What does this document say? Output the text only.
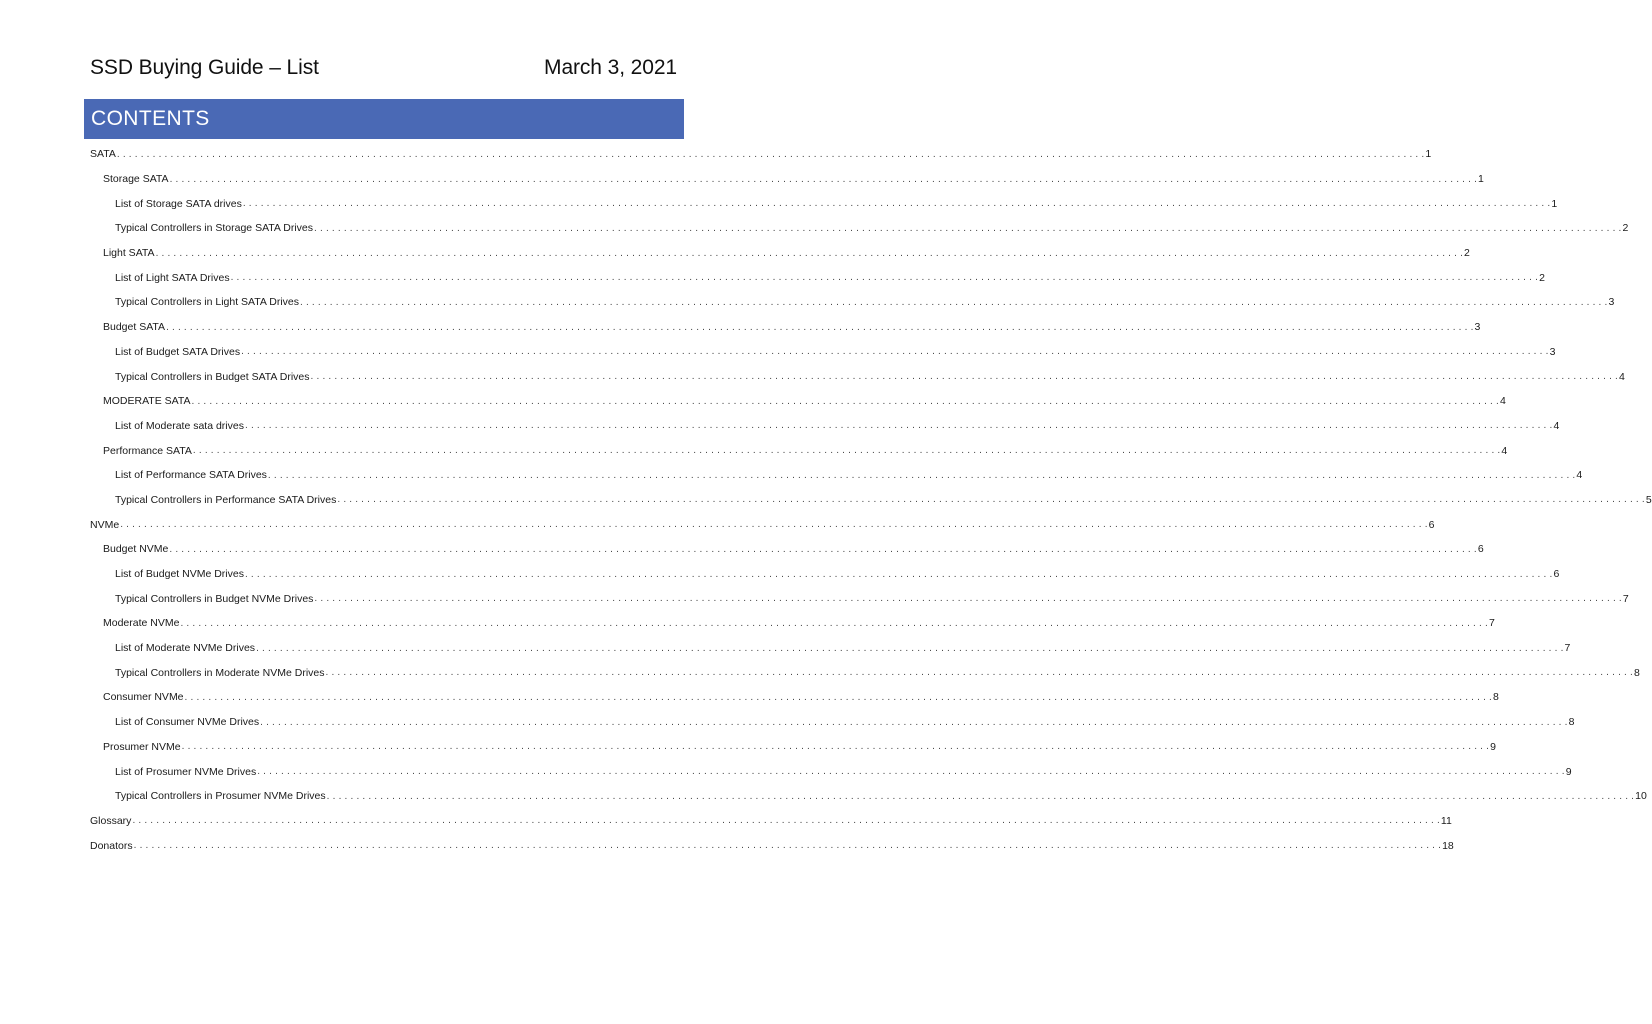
SSD Buying Guide – List	March 3, 2021
CONTENTS
SATA . . . . . . . . . . . . . . . . . . . . . . . . . . . . . . . . . . . . . . . . . . . . . . . . . . . . . . . . . . . . . . . . . . . . . . . . . . . . . . . . . . . . . . . . . . . . . . . . . . . . . . . . . . . . . . . . . . . . . . . . . . . . . . . . . . . . . . . . . . . . . . . . . . . . . . . . . . . . . . . . . . . . . . . . . . . . . . . . . . . . . . . . . . . . . . . . . . . . . . . . . . . . . . . . . . . . . . . . . . . . 1
Storage SATA . . . . . . . . . . . . . . . . . . . . . . . . . . . . . . . . . . . . . . . . . . . . . . . . . . . . . . . . . . . . . . . . . . . . . . . . . . . . . . . . . . . . . . . . . . . . . . . . . . . . . . . . . . . . . . . . . . . . . . . . . . . . . . . . . . . . . . . . . . . . . . . . . . . . . . . . . . . . . . . . . . . . . . . . . . . . . . . . . . . . . . . . . . . . . . . . . . . . . . . . . . . . . . . . . . . . . . . . . . . . 1
List of Storage SATA drives . . . . . . . . . . . . . . . . . . . . . . . . . . . . . . . . . . . . . . . . . . . . . . . . . . . . . . . . . . . . . . . . . . . . . . . . . . . . . . . . . . . . . . . . . . . . . . . . . . . . . . . . . . . . . . . . . . . . . . . . . . . . . . . . . . . . . . . . . . . . . . . . . . . . . . . . . . . . . . . . . . . . . . . . . . . . . . . . . . . . . . . . . . . . . . . . . . . . . . . . . . . . . . . . . . . . . . . . . . . . 1
Typical Controllers in Storage SATA Drives . . . . . . . . . . . . . . . . . . . . . . . . . . . . . . . . . . . . . . . . . . . . . . . . . . . . . . . . . . . . . . . . . . . . . . . . . . . . . . . . . . . . . . . . . . . . . . . . . . . . . . . . . . . . . . . . . . . . . . . . . . . . . . . . . . . . . . . . . . . . . . . . . . . . . . . . . . . . . . . . . . . . . . . . . . . . . . . . . . . . . . . . . . . . . . . . . . . . . . . . . . . . . . . . . . . . . . . . . . . . 2
Light SATA . . . . . . . . . . . . . . . . . . . . . . . . . . . . . . . . . . . . . . . . . . . . . . . . . . . . . . . . . . . . . . . . . . . . . . . . . . . . . . . . . . . . . . . . . . . . . . . . . . . . . . . . . . . . . . . . . . . . . . . . . . . . . . . . . . . . . . . . . . . . . . . . . . . . . . . . . . . . . . . . . . . . . . . . . . . . . . . . . . . . . . . . . . . . . . . . . . . . . . . . . . . . . . . . . . . . . . . . . . . . 2
List of Light SATA Drives . . . . . . . . . . . . . . . . . . . . . . . . . . . . . . . . . . . . . . . . . . . . . . . . . . . . . . . . . . . . . . . . . . . . . . . . . . . . . . . . . . . . . . . . . . . . . . . . . . . . . . . . . . . . . . . . . . . . . . . . . . . . . . . . . . . . . . . . . . . . . . . . . . . . . . . . . . . . . . . . . . . . . . . . . . . . . . . . . . . . . . . . . . . . . . . . . . . . . . . . . . . . . . . . . . . . . . . . . . . . 2
Typical Controllers in Light SATA Drives . . . . . . . . . . . . . . . . . . . . . . . . . . . . . . . . . . . . . . . . . . . . . . . . . . . . . . . . . . . . . . . . . . . . . . . . . . . . . . . . . . . . . . . . . . . . . . . . . . . . . . . . . . . . . . . . . . . . . . . . . . . . . . . . . . . . . . . . . . . . . . . . . . . . . . . . . . . . . . . . . . . . . . . . . . . . . . . . . . . . . . . . . . . . . . . . . . . . . . . . . . . . . . . . . . . . . . . . . . . . 3
Budget SATA . . . . . . . . . . . . . . . . . . . . . . . . . . . . . . . . . . . . . . . . . . . . . . . . . . . . . . . . . . . . . . . . . . . . . . . . . . . . . . . . . . . . . . . . . . . . . . . . . . . . . . . . . . . . . . . . . . . . . . . . . . . . . . . . . . . . . . . . . . . . . . . . . . . . . . . . . . . . . . . . . . . . . . . . . . . . . . . . . . . . . . . . . . . . . . . . . . . . . . . . . . . . . . . . . . . . . . . . . . . . 3
List of Budget SATA Drives . . . . . . . . . . . . . . . . . . . . . . . . . . . . . . . . . . . . . . . . . . . . . . . . . . . . . . . . . . . . . . . . . . . . . . . . . . . . . . . . . . . . . . . . . . . . . . . . . . . . . . . . . . . . . . . . . . . . . . . . . . . . . . . . . . . . . . . . . . . . . . . . . . . . . . . . . . . . . . . . . . . . . . . . . . . . . . . . . . . . . . . . . . . . . . . . . . . . . . . . . . . . . . . . . . . . . . . . . . . . 3
Typical Controllers in Budget SATA Drives . . . . . . . . . . . . . . . . . . . . . . . . . . . . . . . . . . . . . . . . . . . . . . . . . . . . . . . . . . . . . . . . . . . . . . . . . . . . . . . . . . . . . . . . . . . . . . . . . . . . . . . . . . . . . . . . . . . . . . . . . . . . . . . . . . . . . . . . . . . . . . . . . . . . . . . . . . . . . . . . . . . . . . . . . . . . . . . . . . . . . . . . . . . . . . . . . . . . . . . . . . . . . . . . . . . . . . . . . . . . 4
MODERATE SATA . . . . . . . . . . . . . . . . . . . . . . . . . . . . . . . . . . . . . . . . . . . . . . . . . . . . . . . . . . . . . . . . . . . . . . . . . . . . . . . . . . . . . . . . . . . . . . . . . . . . . . . . . . . . . . . . . . . . . . . . . . . . . . . . . . . . . . . . . . . . . . . . . . . . . . . . . . . . . . . . . . . . . . . . . . . . . . . . . . . . . . . . . . . . . . . . . . . . . . . . . . . . . . . . . . . . . . . . . . . . 4
List of Moderate sata drives . . . . . . . . . . . . . . . . . . . . . . . . . . . . . . . . . . . . . . . . . . . . . . . . . . . . . . . . . . . . . . . . . . . . . . . . . . . . . . . . . . . . . . . . . . . . . . . . . . . . . . . . . . . . . . . . . . . . . . . . . . . . . . . . . . . . . . . . . . . . . . . . . . . . . . . . . . . . . . . . . . . . . . . . . . . . . . . . . . . . . . . . . . . . . . . . . . . . . . . . . . . . . . . . . . . . . . . . . . . . 4
Performance SATA . . . . . . . . . . . . . . . . . . . . . . . . . . . . . . . . . . . . . . . . . . . . . . . . . . . . . . . . . . . . . . . . . . . . . . . . . . . . . . . . . . . . . . . . . . . . . . . . . . . . . . . . . . . . . . . . . . . . . . . . . . . . . . . . . . . . . . . . . . . . . . . . . . . . . . . . . . . . . . . . . . . . . . . . . . . . . . . . . . . . . . . . . . . . . . . . . . . . . . . . . . . . . . . . . . . . . . . . . . . . 4
List of Performance SATA Drives . . . . . . . . . . . . . . . . . . . . . . . . . . . . . . . . . . . . . . . . . . . . . . . . . . . . . . . . . . . . . . . . . . . . . . . . . . . . . . . . . . . . . . . . . . . . . . . . . . . . . . . . . . . . . . . . . . . . . . . . . . . . . . . . . . . . . . . . . . . . . . . . . . . . . . . . . . . . . . . . . . . . . . . . . . . . . . . . . . . . . . . . . . . . . . . . . . . . . . . . . . . . . . . . . . . . . . . . . . . . 4
Typical Controllers in Performance SATA Drives . . . . . . . . . . . . . . . . . . . . . . . . . . . . . . . . . . . . . . . . . . . . . . . . . . . . . . . . . . . . . . . . . . . . . . . . . . . . . . . . . . . . . . . . . . . . . . . . . . . . . . . . . . . . . . . . . . . . . . . . . . . . . . . . . . . . . . . . . . . . . . . . . . . . . . . . . . . . . . . . . . . . . . . . . . . . . . . . . . . . . . . . . . . . . . . . . . . . . . . . . . . . . . . . . . . . . . . . . . . . 5
NVMe . . . . . . . . . . . . . . . . . . . . . . . . . . . . . . . . . . . . . . . . . . . . . . . . . . . . . . . . . . . . . . . . . . . . . . . . . . . . . . . . . . . . . . . . . . . . . . . . . . . . . . . . . . . . . . . . . . . . . . . . . . . . . . . . . . . . . . . . . . . . . . . . . . . . . . . . . . . . . . . . . . . . . . . . . . . . . . . . . . . . . . . . . . . . . . . . . . . . . . . . . . . . . . . . . . . . . . . . . . . . 6
Budget NVMe . . . . . . . . . . . . . . . . . . . . . . . . . . . . . . . . . . . . . . . . . . . . . . . . . . . . . . . . . . . . . . . . . . . . . . . . . . . . . . . . . . . . . . . . . . . . . . . . . . . . . . . . . . . . . . . . . . . . . . . . . . . . . . . . . . . . . . . . . . . . . . . . . . . . . . . . . . . . . . . . . . . . . . . . . . . . . . . . . . . . . . . . . . . . . . . . . . . . . . . . . . . . . . . . . . . . . . . . . . . . 6
List of Budget NVMe Drives . . . . . . . . . . . . . . . . . . . . . . . . . . . . . . . . . . . . . . . . . . . . . . . . . . . . . . . . . . . . . . . . . . . . . . . . . . . . . . . . . . . . . . . . . . . . . . . . . . . . . . . . . . . . . . . . . . . . . . . . . . . . . . . . . . . . . . . . . . . . . . . . . . . . . . . . . . . . . . . . . . . . . . . . . . . . . . . . . . . . . . . . . . . . . . . . . . . . . . . . . . . . . . . . . . . . . . . . . . . . 6
Typical Controllers in Budget NVMe Drives . . . . . . . . . . . . . . . . . . . . . . . . . . . . . . . . . . . . . . . . . . . . . . . . . . . . . . . . . . . . . . . . . . . . . . . . . . . . . . . . . . . . . . . . . . . . . . . . . . . . . . . . . . . . . . . . . . . . . . . . . . . . . . . . . . . . . . . . . . . . . . . . . . . . . . . . . . . . . . . . . . . . . . . . . . . . . . . . . . . . . . . . . . . . . . . . . . . . . . . . . . . . . . . . . . . . . . . . . . . . 7
Moderate NVMe . . . . . . . . . . . . . . . . . . . . . . . . . . . . . . . . . . . . . . . . . . . . . . . . . . . . . . . . . . . . . . . . . . . . . . . . . . . . . . . . . . . . . . . . . . . . . . . . . . . . . . . . . . . . . . . . . . . . . . . . . . . . . . . . . . . . . . . . . . . . . . . . . . . . . . . . . . . . . . . . . . . . . . . . . . . . . . . . . . . . . . . . . . . . . . . . . . . . . . . . . . . . . . . . . . . . . . . . . . . . 7
List of Moderate NVMe Drives . . . . . . . . . . . . . . . . . . . . . . . . . . . . . . . . . . . . . . . . . . . . . . . . . . . . . . . . . . . . . . . . . . . . . . . . . . . . . . . . . . . . . . . . . . . . . . . . . . . . . . . . . . . . . . . . . . . . . . . . . . . . . . . . . . . . . . . . . . . . . . . . . . . . . . . . . . . . . . . . . . . . . . . . . . . . . . . . . . . . . . . . . . . . . . . . . . . . . . . . . . . . . . . . . . . . . . . . . . . . 7
Typical Controllers in Moderate NVMe Drives . . . . . . . . . . . . . . . . . . . . . . . . . . . . . . . . . . . . . . . . . . . . . . . . . . . . . . . . . . . . . . . . . . . . . . . . . . . . . . . . . . . . . . . . . . . . . . . . . . . . . . . . . . . . . . . . . . . . . . . . . . . . . . . . . . . . . . . . . . . . . . . . . . . . . . . . . . . . . . . . . . . . . . . . . . . . . . . . . . . . . . . . . . . . . . . . . . . . . . . . . . . . . . . . . . . . . . . . . . . . 8
Consumer NVMe . . . . . . . . . . . . . . . . . . . . . . . . . . . . . . . . . . . . . . . . . . . . . . . . . . . . . . . . . . . . . . . . . . . . . . . . . . . . . . . . . . . . . . . . . . . . . . . . . . . . . . . . . . . . . . . . . . . . . . . . . . . . . . . . . . . . . . . . . . . . . . . . . . . . . . . . . . . . . . . . . . . . . . . . . . . . . . . . . . . . . . . . . . . . . . . . . . . . . . . . . . . . . . . . . . . . . . . . . . . . 8
List of Consumer NVMe Drives . . . . . . . . . . . . . . . . . . . . . . . . . . . . . . . . . . . . . . . . . . . . . . . . . . . . . . . . . . . . . . . . . . . . . . . . . . . . . . . . . . . . . . . . . . . . . . . . . . . . . . . . . . . . . . . . . . . . . . . . . . . . . . . . . . . . . . . . . . . . . . . . . . . . . . . . . . . . . . . . . . . . . . . . . . . . . . . . . . . . . . . . . . . . . . . . . . . . . . . . . . . . . . . . . . . . . . . . . . . . 8
Prosumer NVMe . . . . . . . . . . . . . . . . . . . . . . . . . . . . . . . . . . . . . . . . . . . . . . . . . . . . . . . . . . . . . . . . . . . . . . . . . . . . . . . . . . . . . . . . . . . . . . . . . . . . . . . . . . . . . . . . . . . . . . . . . . . . . . . . . . . . . . . . . . . . . . . . . . . . . . . . . . . . . . . . . . . . . . . . . . . . . . . . . . . . . . . . . . . . . . . . . . . . . . . . . . . . . . . . . . . . . . . . . . . . 9
List of Prosumer NVMe Drives . . . . . . . . . . . . . . . . . . . . . . . . . . . . . . . . . . . . . . . . . . . . . . . . . . . . . . . . . . . . . . . . . . . . . . . . . . . . . . . . . . . . . . . . . . . . . . . . . . . . . . . . . . . . . . . . . . . . . . . . . . . . . . . . . . . . . . . . . . . . . . . . . . . . . . . . . . . . . . . . . . . . . . . . . . . . . . . . . . . . . . . . . . . . . . . . . . . . . . . . . . . . . . . . . . . . . . . . . . . . 9
Typical Controllers in Prosumer NVMe Drives . . . . . . . . . . . . . . . . . . . . . . . . . . . . . . . . . . . . . . . . . . . . . . . . . . . . . . . . . . . . . . . . . . . . . . . . . . . . . . . . . . . . . . . . . . . . . . . . . . . . . . . . . . . . . . . . . . . . . . . . . . . . . . . . . . . . . . . . . . . . . . . . . . . . . . . . . . . . . . . . . . . . . . . . . . . . . . . . . . . . . . . . . . . . . . . . . . . . . . . . . . . . . . . . . . . . . . . . . . . . 10
Glossary . . . . . . . . . . . . . . . . . . . . . . . . . . . . . . . . . . . . . . . . . . . . . . . . . . . . . . . . . . . . . . . . . . . . . . . . . . . . . . . . . . . . . . . . . . . . . . . . . . . . . . . . . . . . . . . . . . . . . . . . . . . . . . . . . . . . . . . . . . . . . . . . . . . . . . . . . . . . . . . . . . . . . . . . . . . . . . . . . . . . . . . . . . . . . . . . . . . . . . . . . . . . . . . . . . . . . . . . . . . . 11
Donators . . . . . . . . . . . . . . . . . . . . . . . . . . . . . . . . . . . . . . . . . . . . . . . . . . . . . . . . . . . . . . . . . . . . . . . . . . . . . . . . . . . . . . . . . . . . . . . . . . . . . . . . . . . . . . . . . . . . . . . . . . . . . . . . . . . . . . . . . . . . . . . . . . . . . . . . . . . . . . . . . . . . . . . . . . . . . . . . . . . . . . . . . . . . . . . . . . . . . . . . . . . . . . . . . . . . . . . . . . . . 18
